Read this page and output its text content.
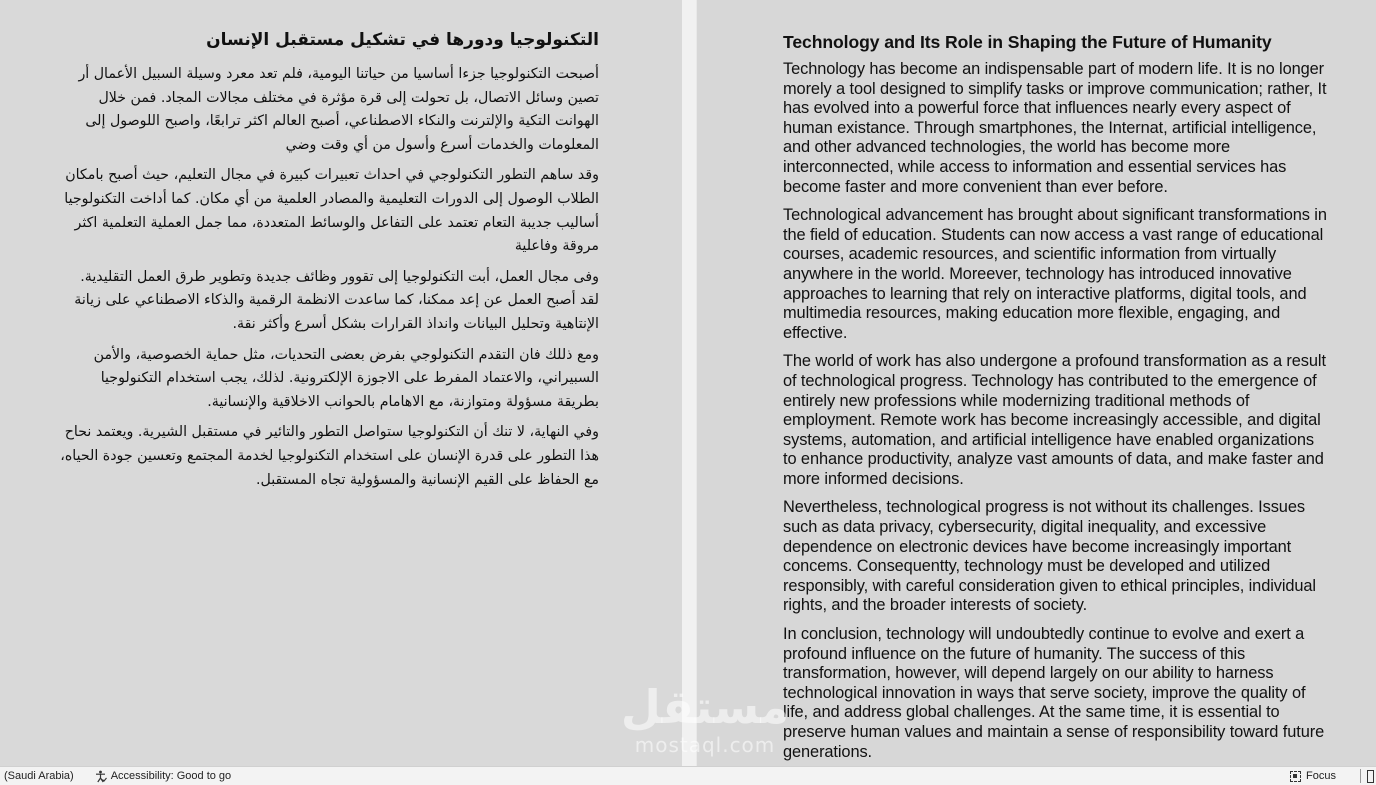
التكنولوجيا ودورها في تشكيل مستقبل الإنسان

أصبحت التكنولوجيا جزءا أساسيا من حياتنا اليومية، فلم تعد معرد وسيلة السبيل الأعمال أر تصين وسائل الاتصال، بل تحولت إلى قرة مؤثرة في مختلف مجالات المجاد. فمن خلال الهوانت التكية والإلترنت والنكاء الاصطناعي، أصبح العالم اكثر ترابعًا، واصبح اللوصول إلى المعلومات والخدمات أسرع وأسول من أي وقت وضي

وقد ساهم التطور التكنولوجي في احداث تعبيرات كبيرة في مجال التعليم، حيث أصبح بامكان الطلاب الوصول إلى الدورات التعليمية والمصادر العلمية من أي مكان. كما أداخت التكنولوجيا أساليب جديبة التعام تعتمد على التفاعل والوسائط المتعددة، مما جمل العملية التعلمية اكثر مروقة وفاعلية

وفى مجال العمل، أبت التكنولوجيا إلى تقوور وظائف جديدة وتطوير طرق العمل التقليدية. لقد أصبح العمل عن إعد ممكنا، كما ساعدت الانظمة الرقمية والذكاء الاصطناعي على زيانة الإنتاهية وتحليل البيانات وانداذ القرارات بشكل أسرع وأكثر نقة.

ومع ذللك فان التقدم التكنولوجي بفرض بعضى التحديات، مثل حماية الخصوصية، والأمن السبيراني، والاعتماد المفرط على الاجوزة الإلكترونية. لذلك، يجب استخدام التكنولوجيا بطريقة مسؤولة ومتوازنة، مع الاهامام بالحوانب الاخلاقية والإنسانية.

وفي النهاية، لا تنك أن التكنولوجيا ستواصل التطور والتائير في مستقبل الشيرية. ويعتمد نحاح هذا التطور على قدرة الإنسان على استخدام التكنولوجيا لخدمة المجتمع وتعسين جودة الحياه، مع الحفاظ على القيم الإنسانية والمسؤولية تجاه المستقبل.

Technology and Its Role in Shaping the Future of Humanity

Technology has become an indispensable part of modern life. It is no longer morely a tool designed to simplify tasks or improve communication; rather, It has evolved into a powerful force that influences nearly every aspect of human existance. Through smartphones, the Internat, artificial intelligence, and other advanced technologies, the world has become more interconnected, while access to information and essential services has become faster and more convenient than ever before.

Technological advancement has brought about significant transformations in the field of education. Students can now access a vast range of educational courses, academic resources, and scientific information from virtually anywhere in the world. Moreever, technology has introduced innovative approaches to learning that rely on interactive platforms, digital tools, and multimedia resources, making education more flexible, engaging, and effective.

The world of work has also undergone a profound transformation as a result of technological progress. Technology has contributed to the emergence of entirely new professions while modernizing traditional methods of employment. Remote work has become increasingly accessible, and digital systems, automation, and artificial intelligence have enabled organizations to enhance productivity, analyze vast amounts of data, and make faster and more informed decisions.

Nevertheless, technological progress is not without its challenges. Issues such as data privacy, cybersecurity, digital inequality, and excessive dependence on electronic devices have become increasingly important concems. Consequentty, technology must be developed and utilized responsibly, with careful consideration given to ethical principles, individual rights, and the broader interests of society.

In conclusion, technology will undoubtedly continue to evolve and exert a profound influence on the future of humanity. The success of this transformation, however, will depend largely on our ability to harness technological innovation in ways that serve society, improve the quality of life, and address global challenges. At the same time, it is essential to preserve human values and maintain a sense of responsibility toward future generations.

مستقل
mostaql.com
(Saudi Arabia)	Accessibility: Good to go	Focus
